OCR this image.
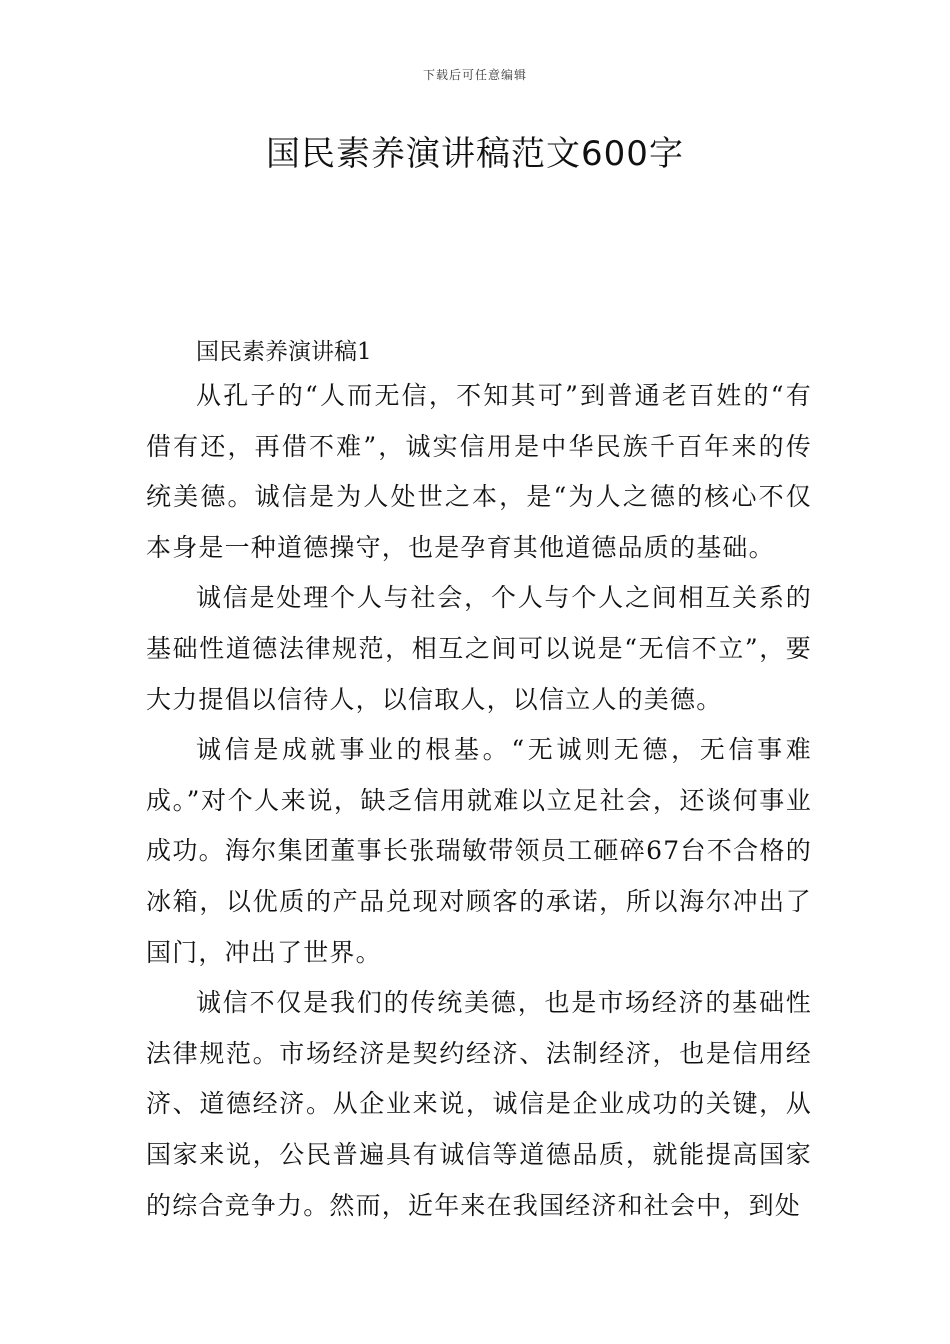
下载后可任意编辑
国民素养演讲稿范文600字
国民素养演讲稿1

从孔子的“人而无信，不知其可”到普通老百姓的“有借有还，再借不难”，诚实信用是中华民族千百年来的传统美德。诚信是为人处世之本，是“为人之德的核心不仅本身是一种道德操守，也是孕育其他道德品质的基础。

诚信是处理个人与社会，个人与个人之间相互关系的基础性道德法律规范，相互之间可以说是“无信不立”，要大力提倡以信待人，以信取人，以信立人的美德。

诚信是成就事业的根基。“无诚则无德，无信事难成。”对个人来说，缺乏信用就难以立足社会，还谈何事业成功。海尔集团董事长张瑞敏带领员工砸碎67台不合格的冰箱，以优质的产品兑现对顾客的承诺，所以海尔冲出了国门，冲出了世界。

诚信不仅是我们的传统美德，也是市场经济的基础性法律规范。市场经济是契约经济、法制经济，也是信用经济、道德经济。从企业来说，诚信是企业成功的关键，从国家来说，公民普遍具有诚信等道德品质，就能提高国家的综合竞争力。然而，近年来在我国经济和社会中，到处
